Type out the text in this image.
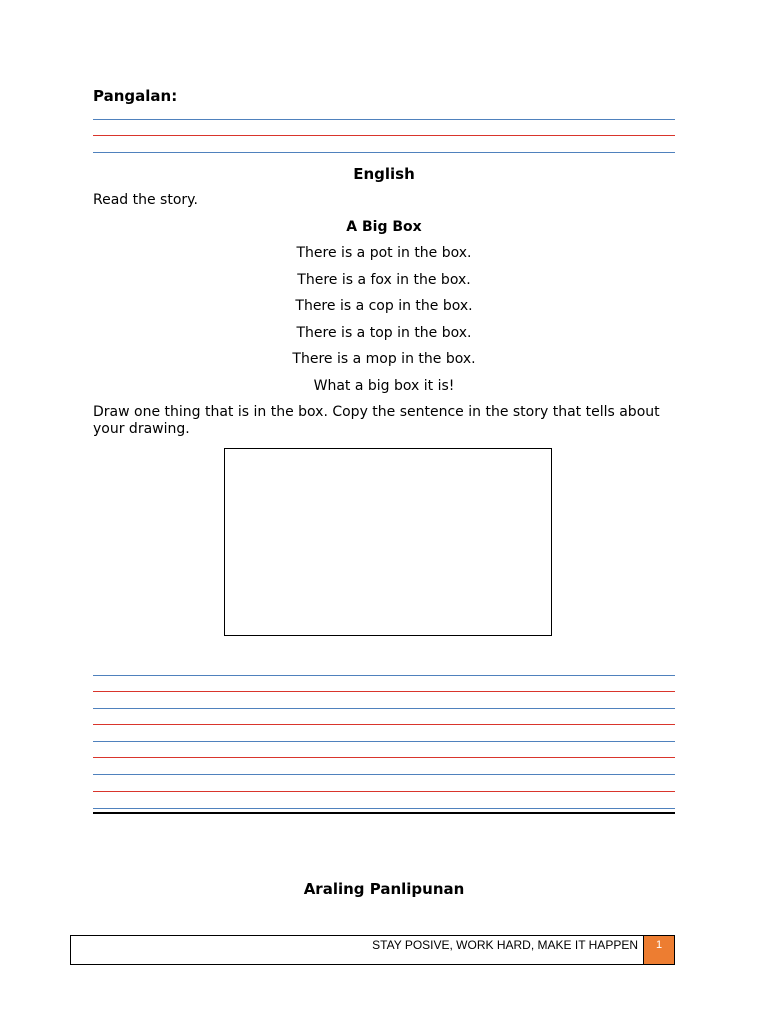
Pangalan:
English
Read the story.
A Big Box
There is a pot in the box.
There is a fox in the box.
There is a cop in the box.
There is a top in the box.
There is a mop in the box.
What a big box it is!
Draw one thing that is in the box. Copy the sentence in the story that tells about your drawing.
Araling Panlipunan
STAY POSIVE, WORK HARD, MAKE IT HAPPEN	1
